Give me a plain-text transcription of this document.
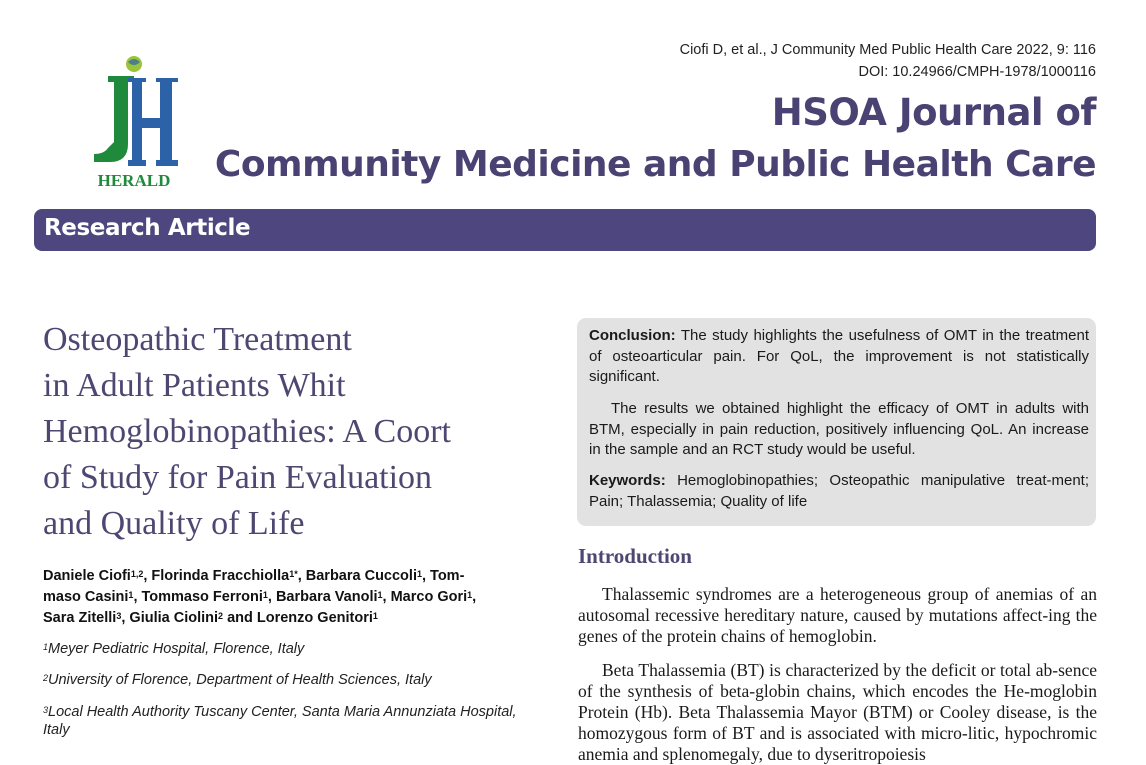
HERALD
Ciofi D, et al., J Community Med Public Health Care 2022, 9: 116
DOI: 10.24966/CMPH-1978/1000116
HSOA Journal of
Community Medicine and Public Health Care
Research Article
Osteopathic Treatment
in Adult Patients Whit
Hemoglobinopathies: A Coort
of Study for Pain Evaluation
and Quality of Life
Daniele Ciofi$^{1,2}$, Florinda Fracchiolla$^{1*}$, Barbara Cuccoli$^1$, Tom-
maso Casini$^1$, Tommaso Ferroni$^1$, Barbara Vanoli$^1$, Marco Gori$^1$,
Sara Zitelli$^3$, Giulia Ciolini$^2$ and Lorenzo Genitori$^1$
$^1$Meyer Pediatric Hospital, Florence, Italy
$^2$University of Florence, Department of Health Sciences, Italy
$^3$Local Health Authority Tuscany Center, Santa Maria Annunziata Hospital,
Italy
Conclusion: The study highlights the usefulness of OMT in the treatment of osteoarticular pain. For QoL, the improvement is not statistically significant.
The results we obtained highlight the efficacy of OMT in adults with BTM, especially in pain reduction, positively influencing QoL. An increase in the sample and an RCT study would be useful.
Keywords: Hemoglobinopathies; Osteopathic manipulative treat-ment; Pain; Thalassemia; Quality of life
Introduction
Thalassemic syndromes are a heterogeneous group of anemias of an autosomal recessive hereditary nature, caused by mutations affect-ing the genes of the protein chains of hemoglobin.
Beta Thalassemia (BT) is characterized by the deficit or total ab-sence of the synthesis of beta-globin chains, which encodes the He-moglobin Protein (Hb). Beta Thalassemia Mayor (BTM) or Cooley disease, is the homozygous form of BT and is associated with micro-litic, hypochromic anemia and splenomegaly, due to dyseritropoiesis
